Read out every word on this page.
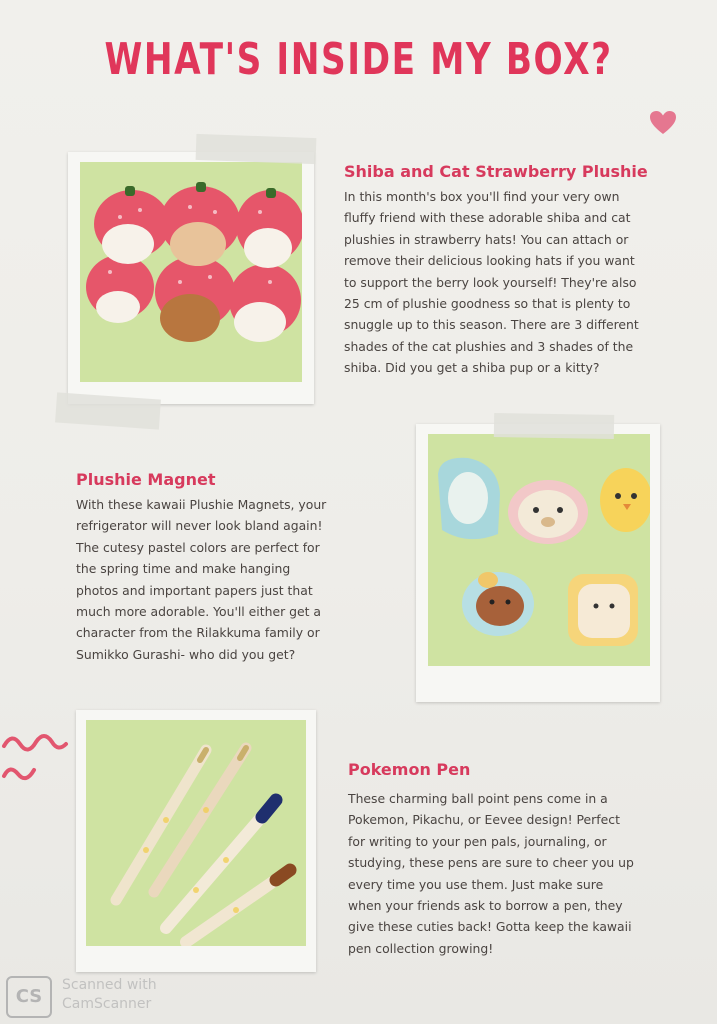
WHAT'S INSIDE MY BOX?
Shiba and Cat Strawberry Plushie
In this month's box you'll find your very own
fluffy friend with these adorable shiba and cat
plushies in strawberry hats! You can attach or
remove their delicious looking hats if you want
to support the berry look yourself! They're also
25 cm of plushie goodness so that is plenty to
snuggle up to this season. There are 3 different
shades of the cat plushies and 3 shades of the
shiba. Did you get a shiba pup or a kitty?
Plushie Magnet
With these kawaii Plushie Magnets, your
refrigerator will never look bland again!
The cutesy pastel colors are perfect for
the spring time and make hanging
photos and important papers just that
much more adorable. You'll either get a
character from the Rilakkuma family or
Sumikko Gurashi- who did you get?
Pokemon Pen
These charming ball point pens come in a
Pokemon, Pikachu, or Eevee design! Perfect
for writing to your pen pals, journaling, or
studying, these pens are sure to cheer you up
every time you use them. Just make sure
when your friends ask to borrow a pen, they
give these cuties back! Gotta keep the kawaii
pen collection growing!
CS
Scanned with
CamScanner
